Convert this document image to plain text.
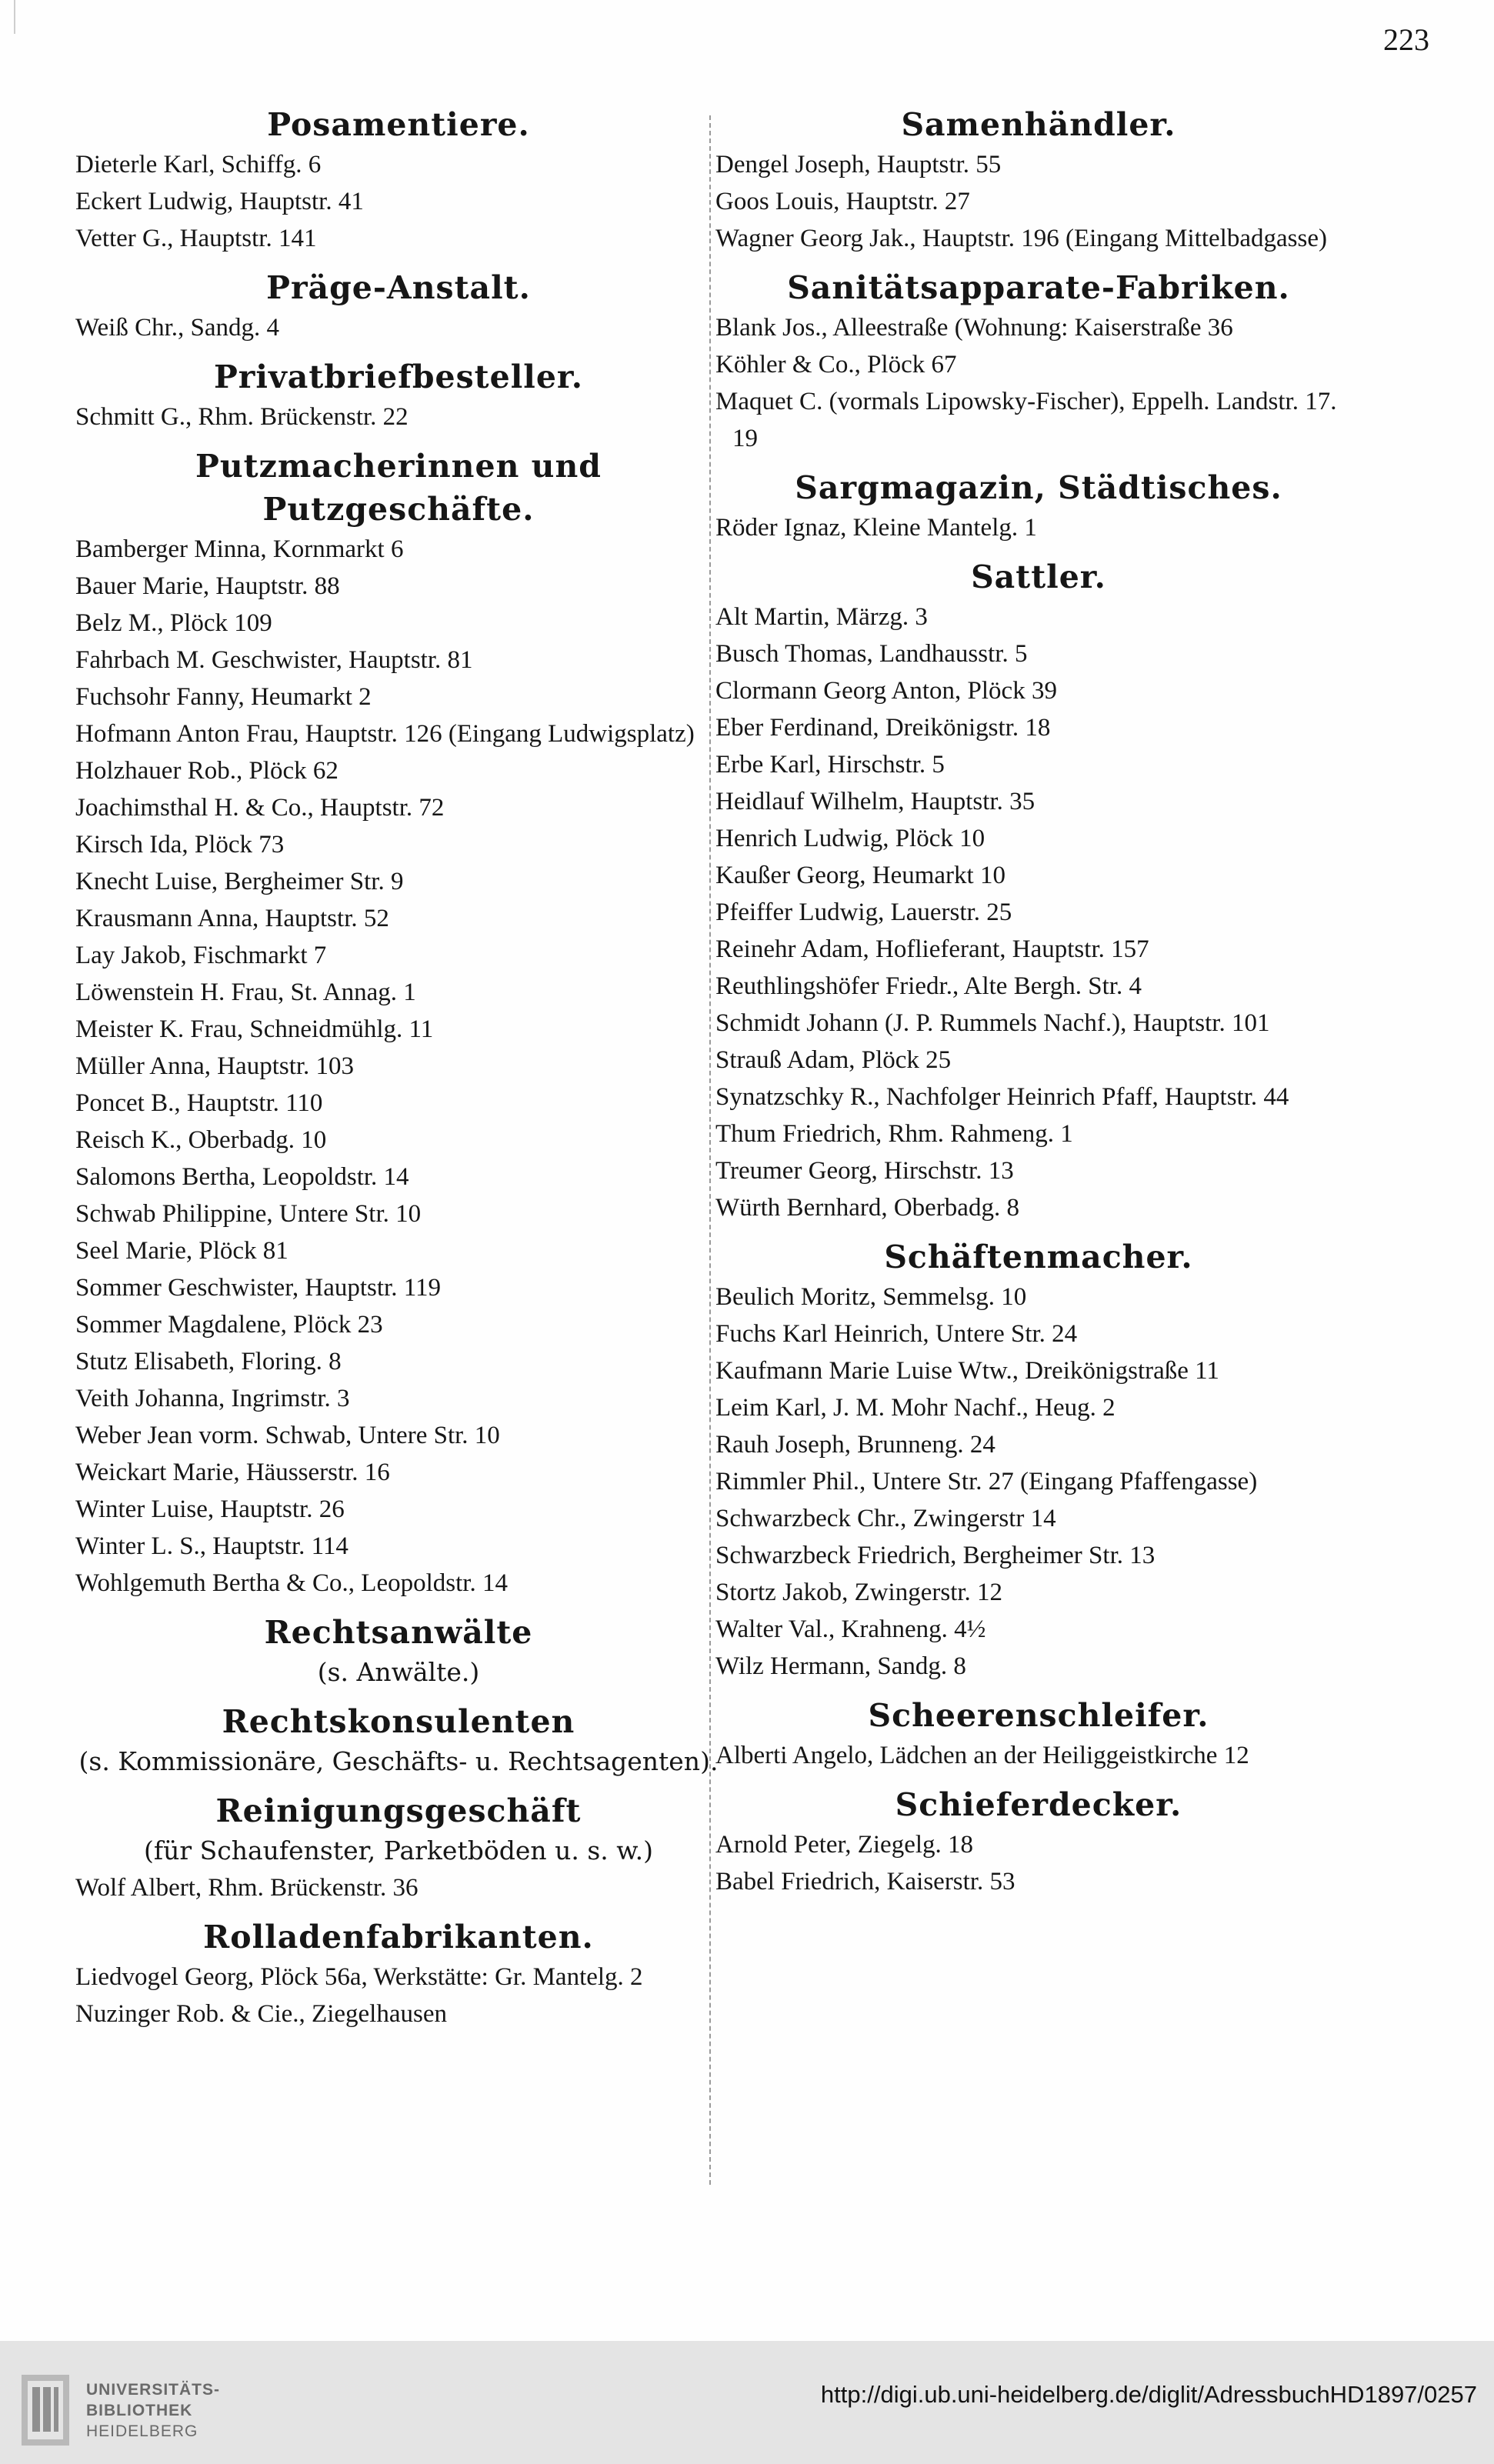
223
Posamentiere.
Dieterle Karl, Schiffg. 6
Eckert Ludwig, Hauptstr. 41
Vetter G., Hauptstr. 141
Präge-Anstalt.
Weiß Chr., Sandg. 4
Privatbriefbesteller.
Schmitt G., Rhm. Brückenstr. 22
Putzmacherinnen und Putzgeschäfte.
Bamberger Minna, Kornmarkt 6
Bauer Marie, Hauptstr. 88
Belz M., Plöck 109
Fahrbach M. Geschwister, Hauptstr. 81
Fuchsohr Fanny, Heumarkt 2
Hofmann Anton Frau, Hauptstr. 126 (Eingang Ludwigsplatz)
Holzhauer Rob., Plöck 62
Joachimsthal H. & Co., Hauptstr. 72
Kirsch Ida, Plöck 73
Knecht Luise, Bergheimer Str. 9
Krausmann Anna, Hauptstr. 52
Lay Jakob, Fischmarkt 7
Löwenstein H. Frau, St. Annag. 1
Meister K. Frau, Schneidmühlg. 11
Müller Anna, Hauptstr. 103
Poncet B., Hauptstr. 110
Reisch K., Oberbadg. 10
Salomons Bertha, Leopoldstr. 14
Schwab Philippine, Untere Str. 10
Seel Marie, Plöck 81
Sommer Geschwister, Hauptstr. 119
Sommer Magdalene, Plöck 23
Stutz Elisabeth, Floring. 8
Veith Johanna, Ingrimstr. 3
Weber Jean vorm. Schwab, Untere Str. 10
Weickart Marie, Häusserstr. 16
Winter Luise, Hauptstr. 26
Winter L. S., Hauptstr. 114
Wohlgemuth Bertha & Co., Leopoldstr. 14
Rechtsanwälte
(s. Anwälte.)
Rechtskonsulenten
(s. Kommissionäre, Geschäfts- u. Rechtsagenten).
Reinigungsgeschäft
(für Schaufenster, Parketböden u. s. w.)
Wolf Albert, Rhm. Brückenstr. 36
Rolladenfabrikanten.
Liedvogel Georg, Plöck 56a, Werkstätte: Gr. Mantelg. 2
Nuzinger Rob. & Cie., Ziegelhausen
Samenhändler.
Dengel Joseph, Hauptstr. 55
Goos Louis, Hauptstr. 27
Wagner Georg Jak., Hauptstr. 196 (Eingang Mittelbadgasse)
Sanitätsapparate-Fabriken.
Blank Jos., Alleestraße (Wohnung: Kaiserstraße 36
Köhler & Co., Plöck 67
Maquet C. (vormals Lipowsky-Fischer), Eppelh. Landstr. 17. 19
Sargmagazin, Städtisches.
Röder Ignaz, Kleine Mantelg. 1
Sattler.
Alt Martin, Märzg. 3
Busch Thomas, Landhausstr. 5
Clormann Georg Anton, Plöck 39
Eber Ferdinand, Dreikönigstr. 18
Erbe Karl, Hirschstr. 5
Heidlauf Wilhelm, Hauptstr. 35
Henrich Ludwig, Plöck 10
Kaußer Georg, Heumarkt 10
Pfeiffer Ludwig, Lauerstr. 25
Reinehr Adam, Hoflieferant, Hauptstr. 157
Reuthlingshöfer Friedr., Alte Bergh. Str. 4
Schmidt Johann (J. P. Rummels Nachf.), Hauptstr. 101
Strauß Adam, Plöck 25
Synatzschky R., Nachfolger Heinrich Pfaff, Hauptstr. 44
Thum Friedrich, Rhm. Rahmeng. 1
Treumer Georg, Hirschstr. 13
Würth Bernhard, Oberbadg. 8
Schäftenmacher.
Beulich Moritz, Semmelsg. 10
Fuchs Karl Heinrich, Untere Str. 24
Kaufmann Marie Luise Wtw., Dreikönigstraße 11
Leim Karl, J. M. Mohr Nachf., Heug. 2
Rauh Joseph, Brunneng. 24
Rimmler Phil., Untere Str. 27 (Eingang Pfaffengasse)
Schwarzbeck Chr., Zwingerstr 14
Schwarzbeck Friedrich, Bergheimer Str. 13
Stortz Jakob, Zwingerstr. 12
Walter Val., Krahneng. 4½
Wilz Hermann, Sandg. 8
Scheerenschleifer.
Alberti Angelo, Lädchen an der Heiliggeistkirche 12
Schieferdecker.
Arnold Peter, Ziegelg. 18
Babel Friedrich, Kaiserstr. 53
UNIVERSITÄTS-
BIBLIOTHEK
HEIDELBERG
http://digi.ub.uni-heidelberg.de/diglit/AdressbuchHD1897/0257
